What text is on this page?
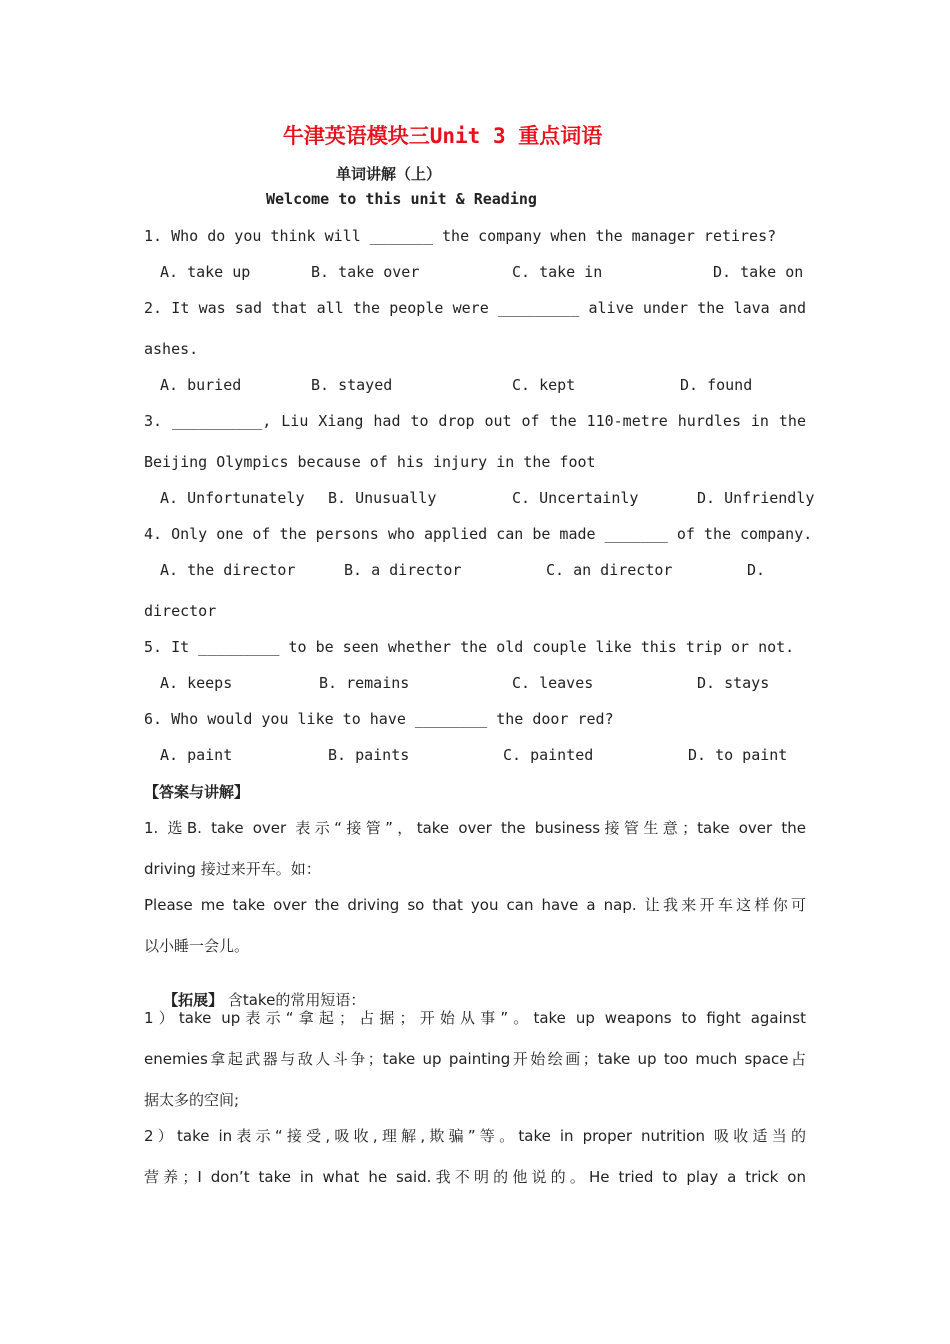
牛津英语模块三Unit 3 重点词语
单词讲解（上）
Welcome to this unit & Reading
1. Who do you think will _______ the company when the manager retires?
A. take up	B. take over	C. take in	D. take on
2. It was sad that all the people were _________ alive under the lava and
ashes.
A. buried	B. stayed	C. kept	D. found
3. __________, Liu Xiang had to drop out of the 110-metre hurdles in the
Beijing Olympics because of his injury in the foot
A. Unfortunately B. Unusually	C. Uncertainly	D. Unfriendly
4. Only one of the persons who applied can be made _______ of the company.
A. the director	B. a director	C. an director	D.
director
5. It _________ to be seen whether the old couple like this trip or not.
A. keeps	B. remains	C. leaves	D. stays
6. Who would you like to have ________ the door red?
A. paint	B. paints	C. painted	D. to paint
【答案与讲解】
1. 选B. take over 表示“接管”，take over the business接管生意；take over the
driving 接过来开车。如：
Please me take over the driving so that you can have a nap. 让我来开车这样你可
以小睡一会儿。

【拓展】 含take的常用短语：

1）take up表示“拿起；占据；开始从事”。take up weapons to fight against
enemies拿起武器与敌人斗争；take up painting开始绘画；take up too much space占
据太多的空间;
2）take in表示“接受,吸收,理解,欺骗”等。take in proper nutrition 吸收适当的
营养；I don’t take in what he said.我不明的他说的。He tried to play a trick on
